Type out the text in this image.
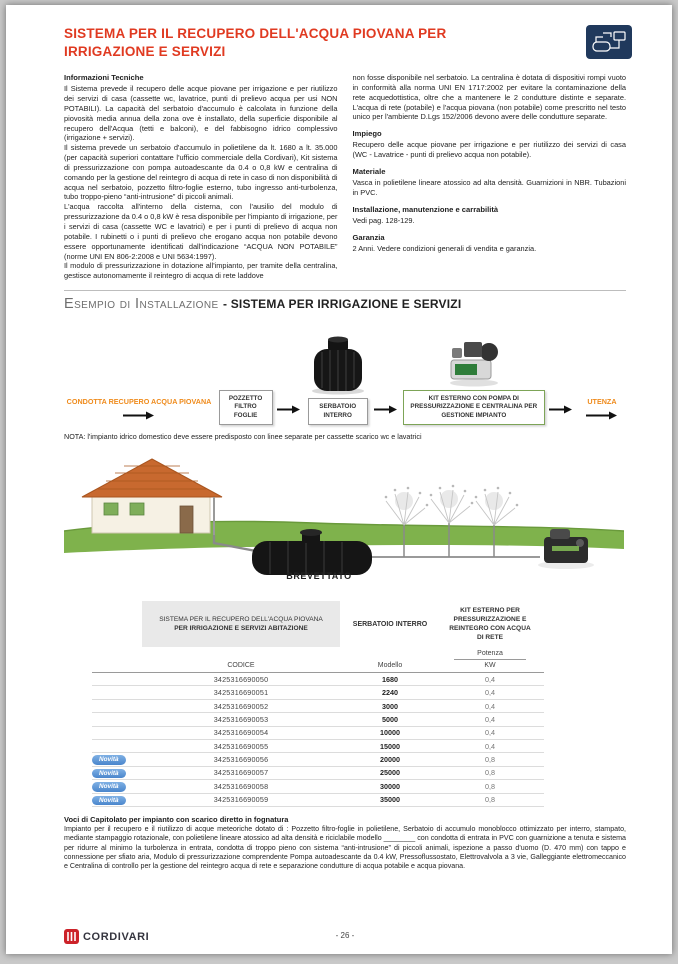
SISTEMA PER IL RECUPERO DELL'ACQUA PIOVANA PER
IRRIGAZIONE E SERVIZI
Informazioni Tecniche

Il Sistema prevede il recupero delle acque piovane per irrigazione e per riutilizzo dei servizi di casa (cassette wc, lavatrice, punti di prelievo acqua per usi NON POTABILI). La capacità del serbatoio d'accumulo è calcolata in funzione della piovosità media annua della zona ove è installato, della superficie disponibile al recupero dell'Acqua (tetti e balconi), e del fabbisogno idrico complessivo (irrigazione + servizi).

Il sistema prevede un serbatoio d'accumulo in polietilene da lt. 1680 a lt. 35.000 (per capacità superiori contattare l'ufficio commerciale della Cordivari), Kit sistema di pressurizzazione con pompa autoadescante da 0.4 o 0,8 kW e centralina di comando per la gestione del reintegro di acqua di rete in caso di non disponibilità di acqua nel serbatoio, pozzetto filtro-foglie esterno, tubo ingresso anti-turbolenza, tubo troppo-pieno “anti-intrusione” di piccoli animali.

L'acqua raccolta all'interno della cisterna, con l'ausilio del modulo di pressurizzazione da 0.4 o 0,8 kW è resa disponibile per l'impianto di irrigazione, per i servizi di casa (cassette WC e lavatrici) e per i punti di prelievo di acqua non potabile. I rubinetti o i punti di prelievo che erogano acqua non potabile devono essere opportunamente identificati dall'indicazione “ACQUA NON POTABILE” (norme UNI EN 806-2:2008 e UNI 5634:1997).

Il modulo di pressurizzazione in dotazione all'impianto, per tramite della centralina, gestisce autonomamente il reintegro di acqua di rete laddove

non fosse disponibile nel serbatoio. La centralina è dotata di dispositivi rompi vuoto in conformità alla norma UNI EN 1717:2002 per evitare la contaminazione della rete acquedottistica, oltre che a mantenere le 2 condutture distinte e separate. L'acqua di rete (potabile) e l'acqua piovana (non potabile) come prescritto nel testo unico per l'ambiente D.Lgs 152/2006 devono avere delle condutture separate.

Impiego

Recupero delle acque piovane per irrigazione e per riutilizzo dei servizi di casa (WC - Lavatrice - punti di prelievo acqua non potabile).

Materiale

Vasca in polietilene lineare atossico ad alta densità. Guarnizioni in NBR. Tubazioni in PVC.

Installazione, manutenzione e carrabilità

Vedi pag. 128-129.

Garanzia

2 Anni. Vedere condizioni generali di vendita e garanzia.

Esempio di Installazione - SISTEMA PER IRRIGAZIONE E SERVIZI
CONDOTTA RECUPERO ACQUA PIOVANA	POZZETTO FILTRO FOGLIE
SERBATOIO INTERRO
KIT ESTERNO CON POMPA DI PRESSURIZZAZIONE E CENTRALINA PER GESTIONE IMPIANTO
UTENZA
NOTA: l'impianto idrico domestico deve essere predisposto con linee separate per cassette scarico wc e lavatrici
BREVETTATO
SISTEMA PER IL RECUPERO DELL'ACQUA PIOVANA
PER IRRIGAZIONE E SERVIZI ABITAZIONE
SERBATOIO INTERRO
KIT ESTERNO PER PRESSURIZZAZIONE E REINTEGRO CON ACQUA DI RETE
CODICE	Modello
Potenza
KW
3425316690050	1680	0,4
3425316690051	2240	0,4
3425316690052	3000	0,4
3425316690053	5000	0,4
3425316690054	10000	0,4
3425316690055	15000	0,4
Novità	3425316690056	20000	0,8
Novità	3425316690057	25000	0,8
Novità	3425316690058	30000	0,8
Novità	3425316690059	35000	0,8
Voci di Capitolato per impianto con scarico diretto in fognatura

Impianto per il recupero e il riutilizzo di acque meteoriche dotato di : Pozzetto filtro-foglie in polietilene, Serbatoio di accumulo monoblocco ottimizzato per interro, stampato, mediante stampaggio rotazionale, con polietilene lineare atossico ad alta densità e riciclabile modello ________ con condotta di entrata in PVC con guarnizione a tenuta e sistema per ridurre al minimo la turbolenza in entrata, condotta di troppo pieno con sistema “anti-intrusione” di piccoli animali, ispezione a passo d'uomo (D. 470 mm) con tappo e connessione per sfiato aria, Modulo di pressurizzazione comprendente Pompa autoadescante da 0.4 kW, Pressoflussostato, Elettrovalvola a 3 vie, Galleggiante elettromeccanico e Centralina di controllo per la gestione del reintegro acqua di rete e separazione condutture di acqua potabile e acqua piovana.

CORDIVARI	- 26 -
